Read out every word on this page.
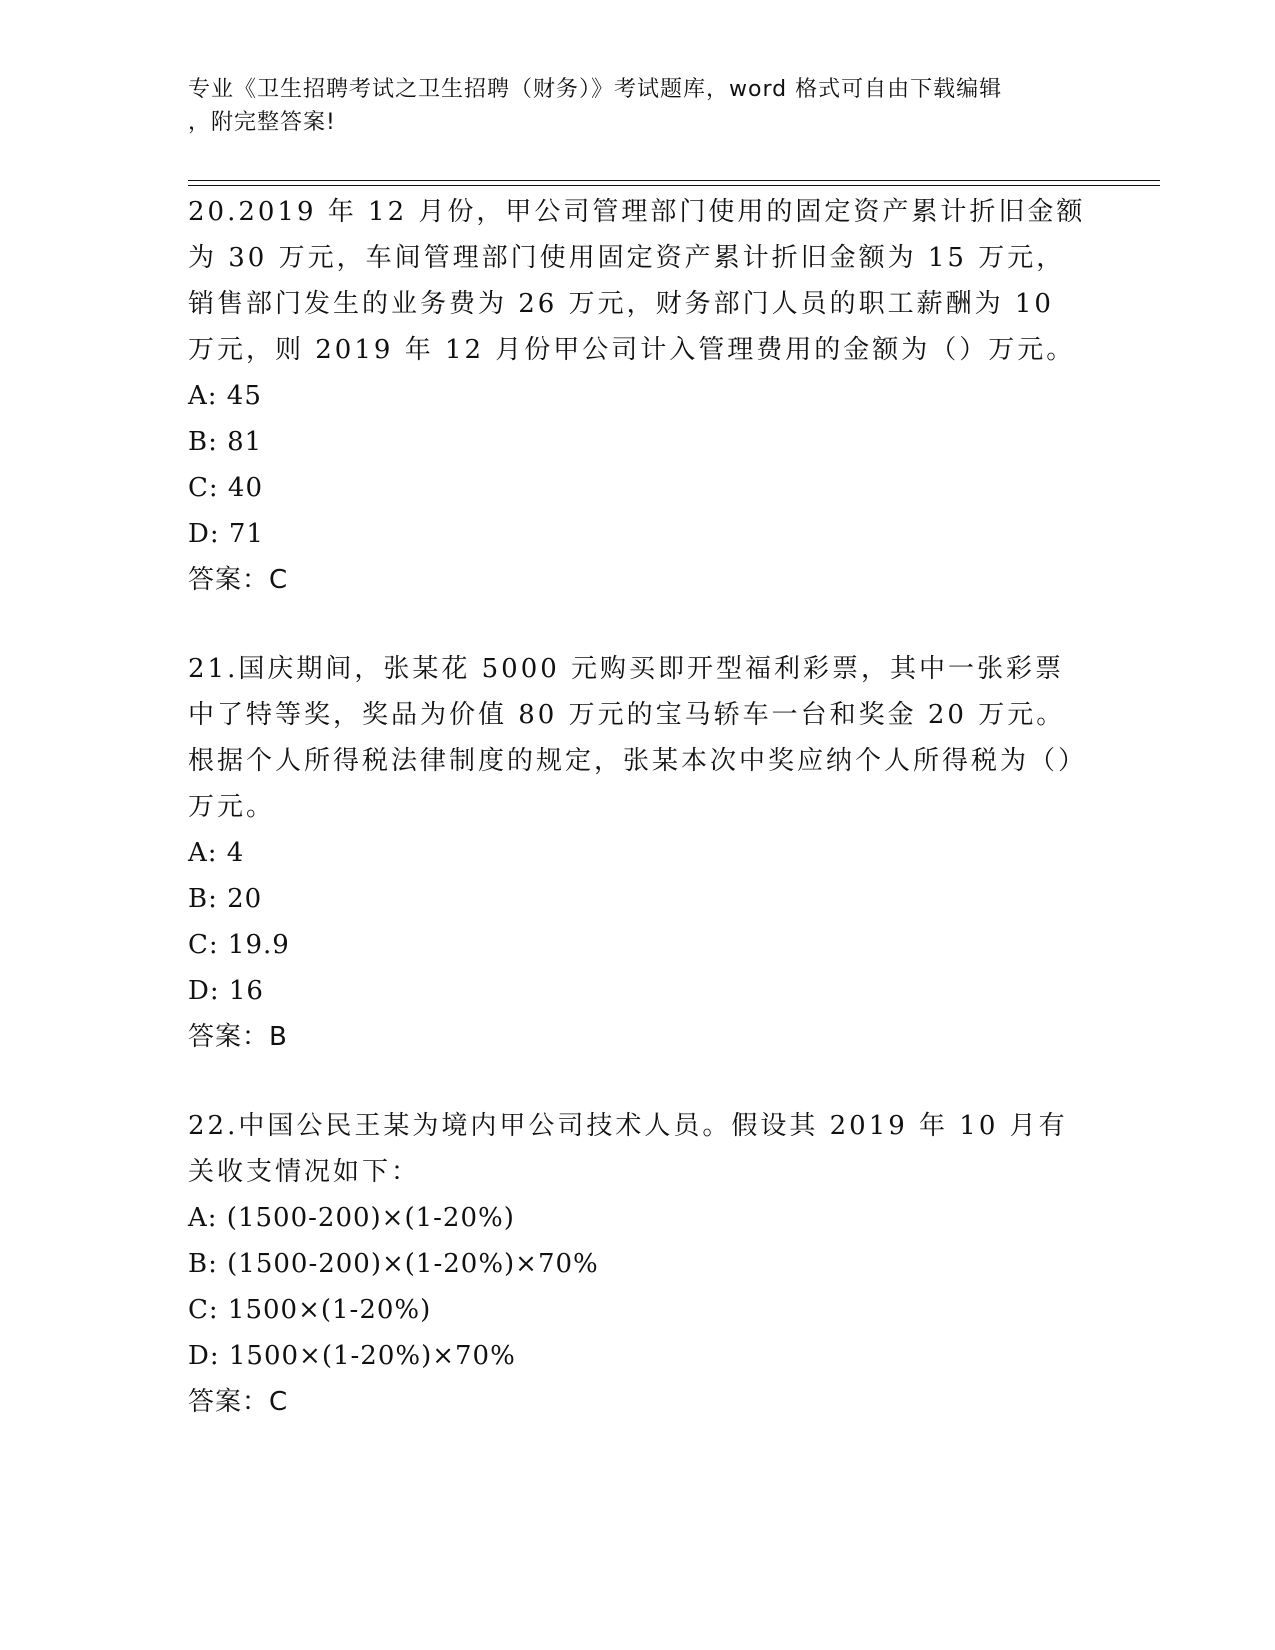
专业《卫生招聘考试之卫生招聘（财务）》考试题库，word 格式可自由下载编辑
，附完整答案!
20.2019 年 12 月份，甲公司管理部门使用的固定资产累计折旧金额为 30 万元，车间管理部门使用固定资产累计折旧金额为 15 万元，销售部门发生的业务费为 26 万元，财务部门人员的职工薪酬为 10 万元，则 2019 年 12 月份甲公司计入管理费用的金额为（）万元。
A: 45
B: 81
C: 40
D: 71
答案：C
21.国庆期间，张某花 5000 元购买即开型福利彩票，其中一张彩票中了特等奖，奖品为价值 80 万元的宝马轿车一台和奖金 20 万元。根据个人所得税法律制度的规定，张某本次中奖应纳个人所得税为（）万元。
A: 4
B: 20
C: 19.9
D: 16
答案：B
22.中国公民王某为境内甲公司技术人员。假设其 2019 年 10 月有关收支情况如下：
A: (1500-200)×(1-20%)
B: (1500-200)×(1-20%)×70%
C: 1500×(1-20%)
D: 1500×(1-20%)×70%
答案：C
